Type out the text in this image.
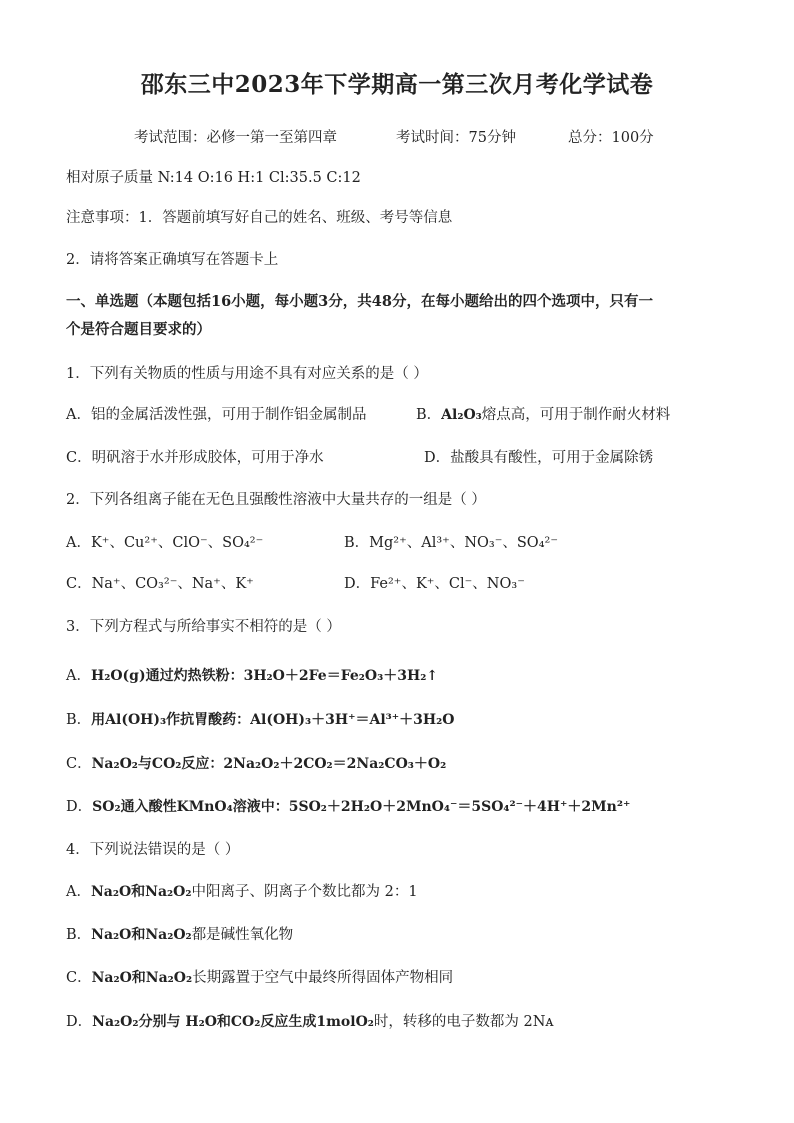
邵东三中2023年下学期高一第三次月考化学试卷
考试范围：必修一第一至第四章	考试时间：75分钟	总分：100分
相对原子质量 N:14 O:16 H:1 Cl:35.5 C:12
注意事项：1．答题前填写好自己的姓名、班级、考号等信息
2．请将答案正确填写在答题卡上
一、单选题（本题包括16小题，每小题3分，共48分，在每小题给出的四个选项中，只有一
个是符合题目要求的）
1．下列有关物质的性质与用途不具有对应关系的是（ ）
A．铝的金属活泼性强，可用于制作铝金属制品	B．Al₂O₃熔点高，可用于制作耐火材料
C．明矾溶于水并形成胶体，可用于净水	D．盐酸具有酸性，可用于金属除锈
2．下列各组离子能在无色且强酸性溶液中大量共存的一组是（ ）
A．K⁺、Cu²⁺、ClO⁻、SO₄²⁻	B．Mg²⁺、Al³⁺、NO₃⁻、SO₄²⁻
C．Na⁺、CO₃²⁻、Na⁺、K⁺	D．Fe²⁺、K⁺、Cl⁻、NO₃⁻
3．下列方程式与所给事实不相符的是（ ）
A．H₂O(g)通过灼热铁粉：3H₂O＋2Fe＝Fe₂O₃＋3H₂↑
B．用Al(OH)₃作抗胃酸药：Al(OH)₃＋3H⁺＝Al³⁺＋3H₂O
C．Na₂O₂与CO₂反应：2Na₂O₂＋2CO₂＝2Na₂CO₃＋O₂
D．SO₂通入酸性KMnO₄溶液中：5SO₂＋2H₂O＋2MnO₄⁻＝5SO₄²⁻＋4H⁺＋2Mn²⁺
4．下列说法错误的是（ ）
A．Na₂O和Na₂O₂中阳离子、阴离子个数比都为 2：1
B．Na₂O和Na₂O₂都是碱性氧化物
C．Na₂O和Na₂O₂长期露置于空气中最终所得固体产物相同
D．Na₂O₂分别与 H₂O和CO₂反应生成1molO₂时，转移的电子数都为 2Nᴀ
